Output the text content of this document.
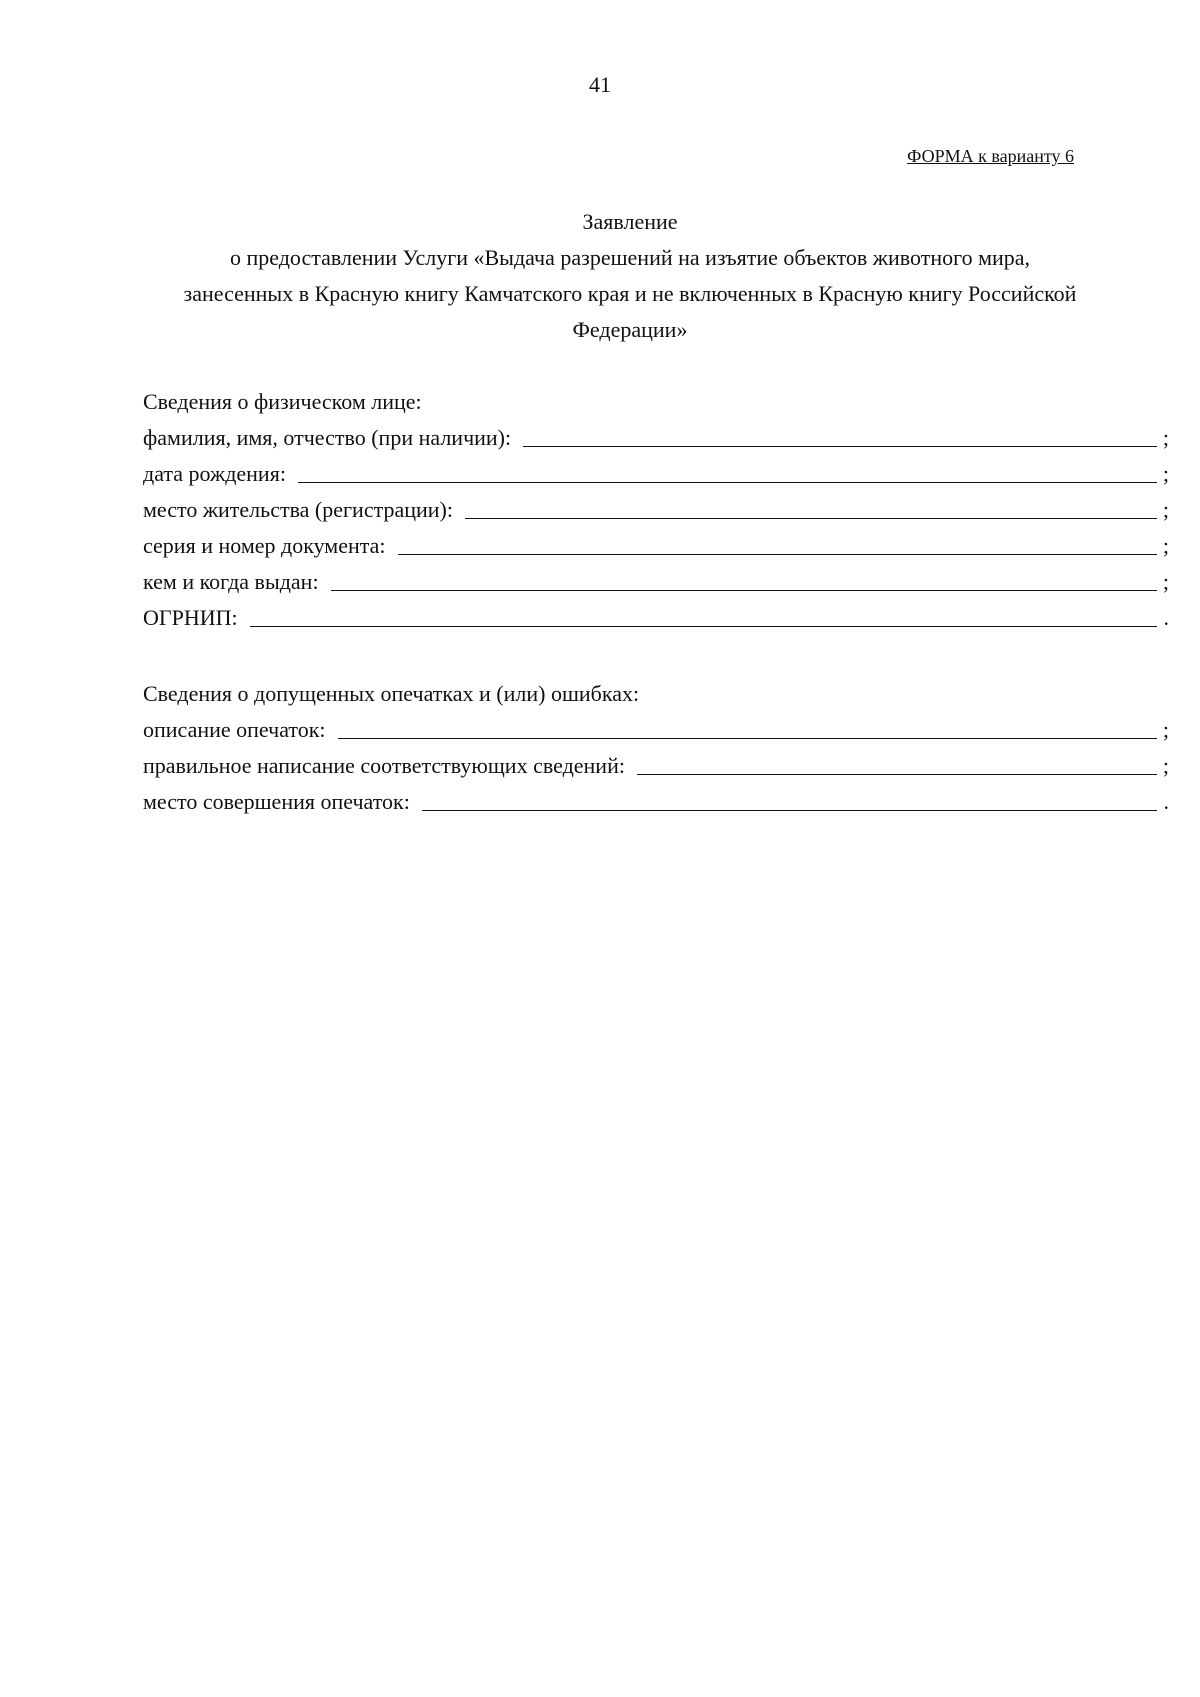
41
ФОРМА к варианту 6
Заявление
о предоставлении Услуги «Выдача разрешений на изъятие объектов животного мира,
занесенных в Красную книгу Камчатского края и не включенных в Красную книгу Российской
Федерации»
Сведения о физическом лице:
фамилия, имя, отчество (при наличии):	;
дата рождения:	;
место жительства (регистрации):	;
серия и номер документа:	;
кем и когда выдан:	;
ОГРНИП:	.
Сведения о допущенных опечатках и (или) ошибках:
описание опечаток:	;
правильное написание соответствующих сведений:	;
место совершения опечаток:	.
